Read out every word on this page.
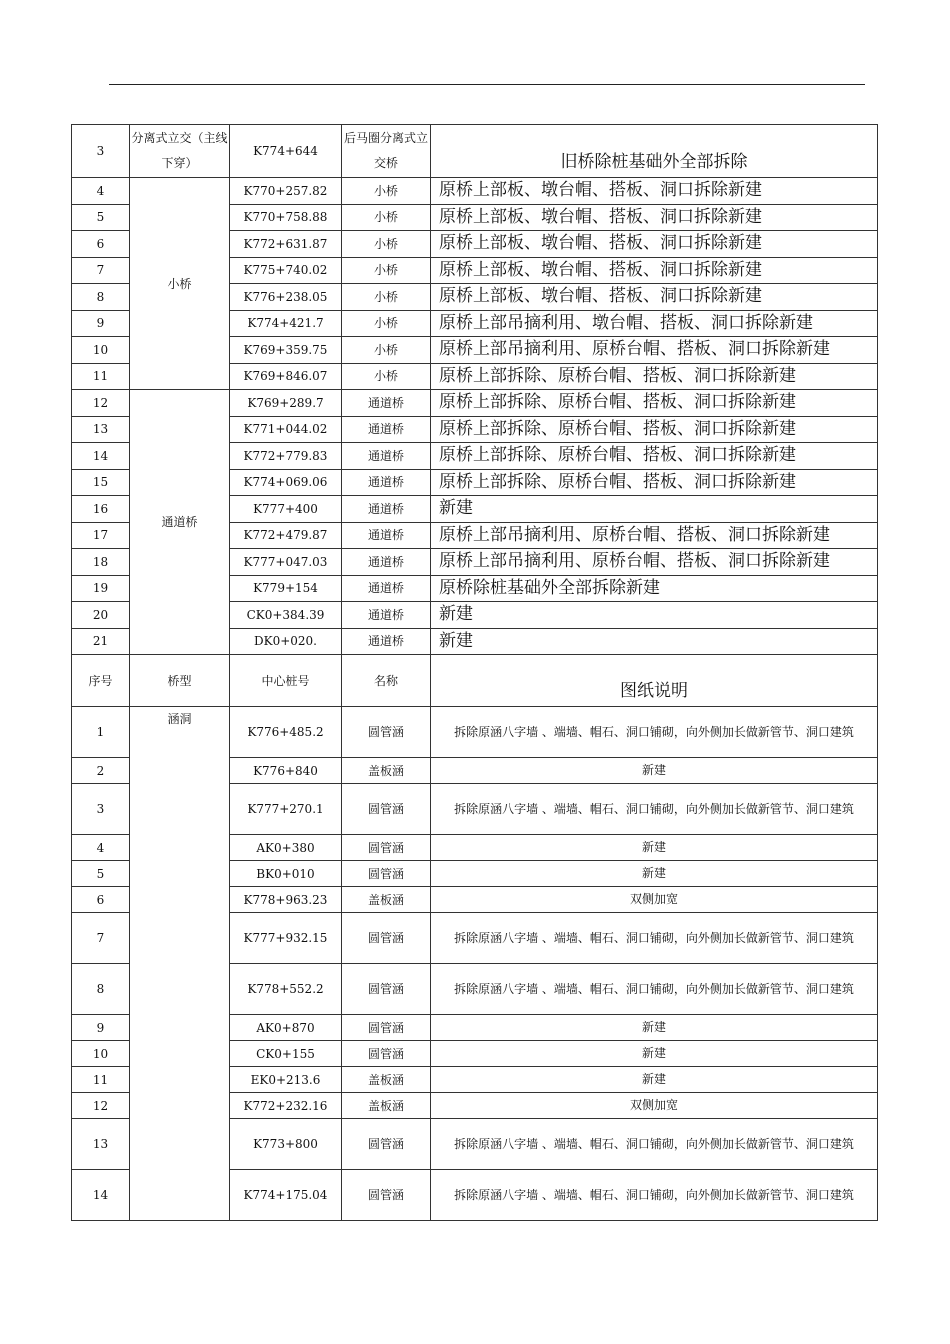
3	分离式立交（主线下穿）	K774+644	后马圈分离式立交桥	旧桥除桩基础外全部拆除
4	小桥	K770+257.82	小桥	原桥上部板、墩台帽、搭板、洞口拆除新建
5		K770+758.88	小桥	原桥上部板、墩台帽、搭板、洞口拆除新建
6		K772+631.87	小桥	原桥上部板、墩台帽、搭板、洞口拆除新建
7		K775+740.02	小桥	原桥上部板、墩台帽、搭板、洞口拆除新建
8		K776+238.05	小桥	原桥上部板、墩台帽、搭板、洞口拆除新建
9		K774+421.7	小桥	原桥上部吊摘利用、墩台帽、搭板、洞口拆除新建
10		K769+359.75	小桥	原桥上部吊摘利用、原桥台帽、搭板、洞口拆除新建
11		K769+846.07	小桥	原桥上部拆除、原桥台帽、搭板、洞口拆除新建
12	通道桥	K769+289.7	通道桥	原桥上部拆除、原桥台帽、搭板、洞口拆除新建
13		K771+044.02	通道桥	原桥上部拆除、原桥台帽、搭板、洞口拆除新建
14		K772+779.83	通道桥	原桥上部拆除、原桥台帽、搭板、洞口拆除新建
15		K774+069.06	通道桥	原桥上部拆除、原桥台帽、搭板、洞口拆除新建
16		K777+400	通道桥	新建
17		K772+479.87	通道桥	原桥上部吊摘利用、原桥台帽、搭板、洞口拆除新建
18		K777+047.03	通道桥	原桥上部吊摘利用、原桥台帽、搭板、洞口拆除新建
19		K779+154	通道桥	原桥除桩基础外全部拆除新建
20		CK0+384.39	通道桥	新建
21		DK0+020.	通道桥	新建
序号	桥型	中心桩号	名称	图纸说明
1	涵洞	K776+485.2	圆管涵	拆除原涵八字墙 、端墙、帽石、洞口铺砌，向外侧加长做新管节、洞口建筑
2		K776+840	盖板涵	新建
3		K777+270.1	圆管涵	拆除原涵八字墙 、端墙、帽石、洞口铺砌，向外侧加长做新管节、洞口建筑
4		AK0+380	圆管涵	新建
5		BK0+010	圆管涵	新建
6		K778+963.23	盖板涵	双侧加宽
7		K777+932.15	圆管涵	拆除原涵八字墙 、端墙、帽石、洞口铺砌，向外侧加长做新管节、洞口建筑
8		K778+552.2	圆管涵	拆除原涵八字墙 、端墙、帽石、洞口铺砌，向外侧加长做新管节、洞口建筑
9		AK0+870	圆管涵	新建
10		CK0+155	圆管涵	新建
11		EK0+213.6	盖板涵	新建
12		K772+232.16	盖板涵	双侧加宽
13		K773+800	圆管涵	拆除原涵八字墙 、端墙、帽石、洞口铺砌，向外侧加长做新管节、洞口建筑
14		K774+175.04	圆管涵	拆除原涵八字墙 、端墙、帽石、洞口铺砌，向外侧加长做新管节、洞口建筑
